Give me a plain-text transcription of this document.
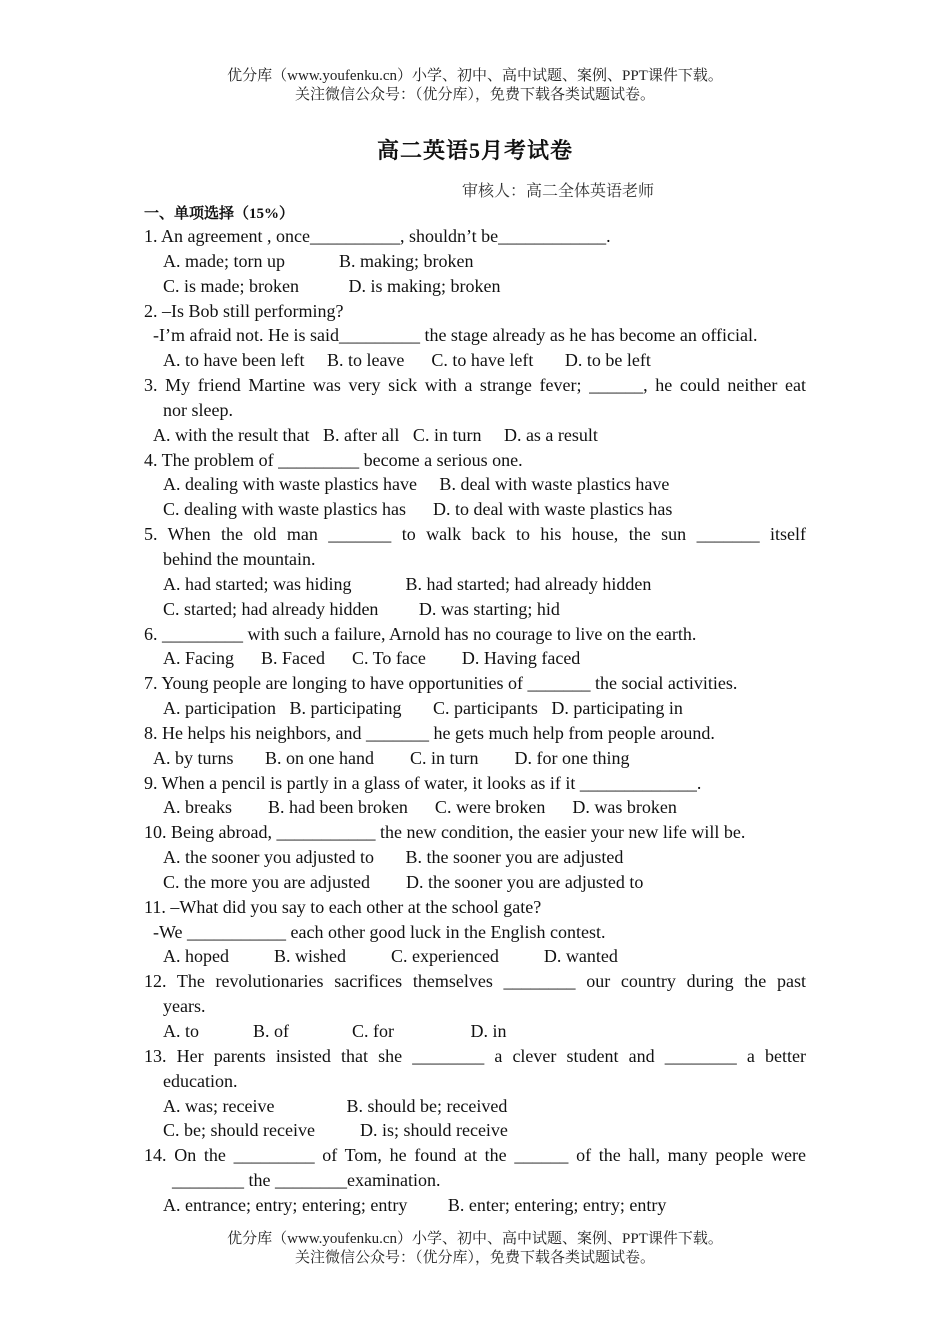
优分库（www.youfenku.cn）小学、初中、高中试题、案例、PPT课件下载。
关注微信公众号：（优分库），免费下载各类试题试卷。
高二英语5月考试卷
审核人：高二全体英语老师
一、单项选择（15%）
1. An agreement , once__________, shouldn’t be____________.
A. made; torn up            B. making; broken
C. is made; broken           D. is making; broken
2. –Is Bob still performing?
-I’m afraid not. He is said_________ the stage already as he has become an official.
A. to have been left     B. to leave      C. to have left       D. to be left
3. My friend Martine was very sick with a strange fever; ______, he could neither eat
nor sleep.
A. with the result that   B. after all   C. in turn     D. as a result
4. The problem of _________ become a serious one.
A. dealing with waste plastics have     B. deal with waste plastics have
C. dealing with waste plastics has      D. to deal with waste plastics has
5. When the old man _______ to walk back to his house, the sun _______ itself
behind the mountain.
A. had started; was hiding            B. had started; had already hidden
C. started; had already hidden         D. was starting; hid
6. _________ with such a failure, Arnold has no courage to live on the earth.
A. Facing      B. Faced      C. To face        D. Having faced
7. Young people are longing to have opportunities of _______ the social activities.
A. participation   B. participating       C. participants   D. participating in
8. He helps his neighbors, and _______ he gets much help from people around.
A. by turns       B. on one hand        C. in turn        D. for one thing
9. When a pencil is partly in a glass of water, it looks as if it _____________.
A. breaks        B. had been broken      C. were broken      D. was broken
10. Being abroad, ___________ the new condition, the easier your new life will be.
A. the sooner you adjusted to       B. the sooner you are adjusted
C. the more you are adjusted        D. the sooner you are adjusted to
11. –What did you say to each other at the school gate?
-We ___________ each other good luck in the English contest.
A. hoped          B. wished          C. experienced          D. wanted
12. The revolutionaries sacrifices themselves ________ our country during the past
years.
A. to            B. of              C. for                 D. in
13. Her parents insisted that she ________ a clever student and ________ a better
education.
A. was; receive                B. should be; received
C. be; should receive          D. is; should receive
14. On the _________ of Tom, he found at the ______ of the hall, many people were
________ the ________examination.
A. entrance; entry; entering; entry         B. enter; entering; entry; entry
优分库（www.youfenku.cn）小学、初中、高中试题、案例、PPT课件下载。
关注微信公众号：（优分库），免费下载各类试题试卷。
